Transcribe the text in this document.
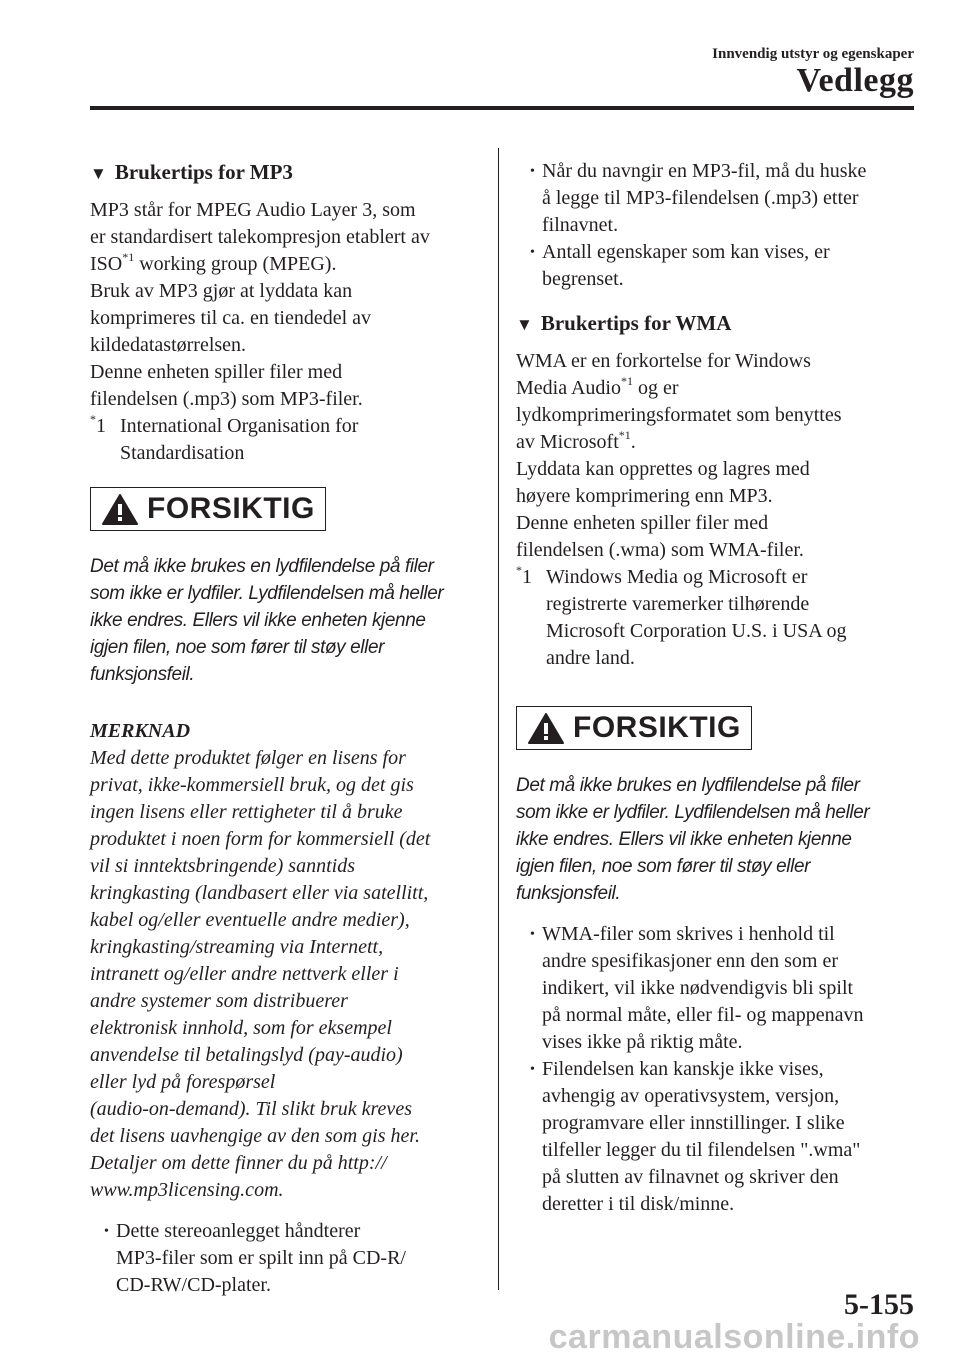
Innvendig utstyr og egenskaper
Vedlegg
▼ Brukertips for MP3

MP3 står for MPEG Audio Layer 3, som
er standardisert talekompresjon etablert av
ISO$^{*1}$ working group (MPEG).
Bruk av MP3 gjør at lyddata kan
komprimeres til ca. en tiendedel av
kildedatastørrelsen.
Denne enheten spiller filer med
filendelsen (.mp3) som MP3-filer.

*1 International Organisation for
Standardisation
FORSIKTIG

Det må ikke brukes en lydfilendelse på filer
som ikke er lydfiler. Lydfilendelsen må heller
ikke endres. Ellers vil ikke enheten kjenne
igjen filen, noe som fører til støy eller
funksjonsfeil.

MERKNAD

Med dette produktet følger en lisens for
privat, ikke-kommersiell bruk, og det gis
ingen lisens eller rettigheter til å bruke
produktet i noen form for kommersiell (det
vil si inntektsbringende) sanntids
kringkasting (landbasert eller via satellitt,
kabel og/eller eventuelle andre medier),
kringkasting/streaming via Internett,
intranett og/eller andre nettverk eller i
andre systemer som distribuerer
elektronisk innhold, som for eksempel
anvendelse til betalingslyd (pay-audio)
eller lyd på forespørsel
(audio-on-demand). Til slikt bruk kreves
det lisens uavhengige av den som gis her.
Detaljer om dette finner du på http://
www.mp3licensing.com.

• Dette stereoanlegget håndterer
MP3-filer som er spilt inn på CD-R/
CD-RW/CD-plater.
• Når du navngir en MP3-fil, må du huske
å legge til MP3-filendelsen (.mp3) etter
filnavnet.
• Antall egenskaper som kan vises, er
begrenset.
▼ Brukertips for WMA

WMA er en forkortelse for Windows
Media Audio$^{*1}$ og er
lydkomprimeringsformatet som benyttes
av Microsoft$^{*1}$.
Lyddata kan opprettes og lagres med
høyere komprimering enn MP3.
Denne enheten spiller filer med
filendelsen (.wma) som WMA-filer.

*1 Windows Media og Microsoft er
registrerte varemerker tilhørende
Microsoft Corporation U.S. i USA og
andre land.
FORSIKTIG

Det må ikke brukes en lydfilendelse på filer
som ikke er lydfiler. Lydfilendelsen må heller
ikke endres. Ellers vil ikke enheten kjenne
igjen filen, noe som fører til støy eller
funksjonsfeil.

• WMA-filer som skrives i henhold til
andre spesifikasjoner enn den som er
indikert, vil ikke nødvendigvis bli spilt
på normal måte, eller fil- og mappenavn
vises ikke på riktig måte.
• Filendelsen kan kanskje ikke vises,
avhengig av operativsystem, versjon,
programvare eller innstillinger. I slike
tilfeller legger du til filendelsen ".wma"
på slutten av filnavnet og skriver den
deretter i til disk/minne.
5-155
carmanualsonline.info
